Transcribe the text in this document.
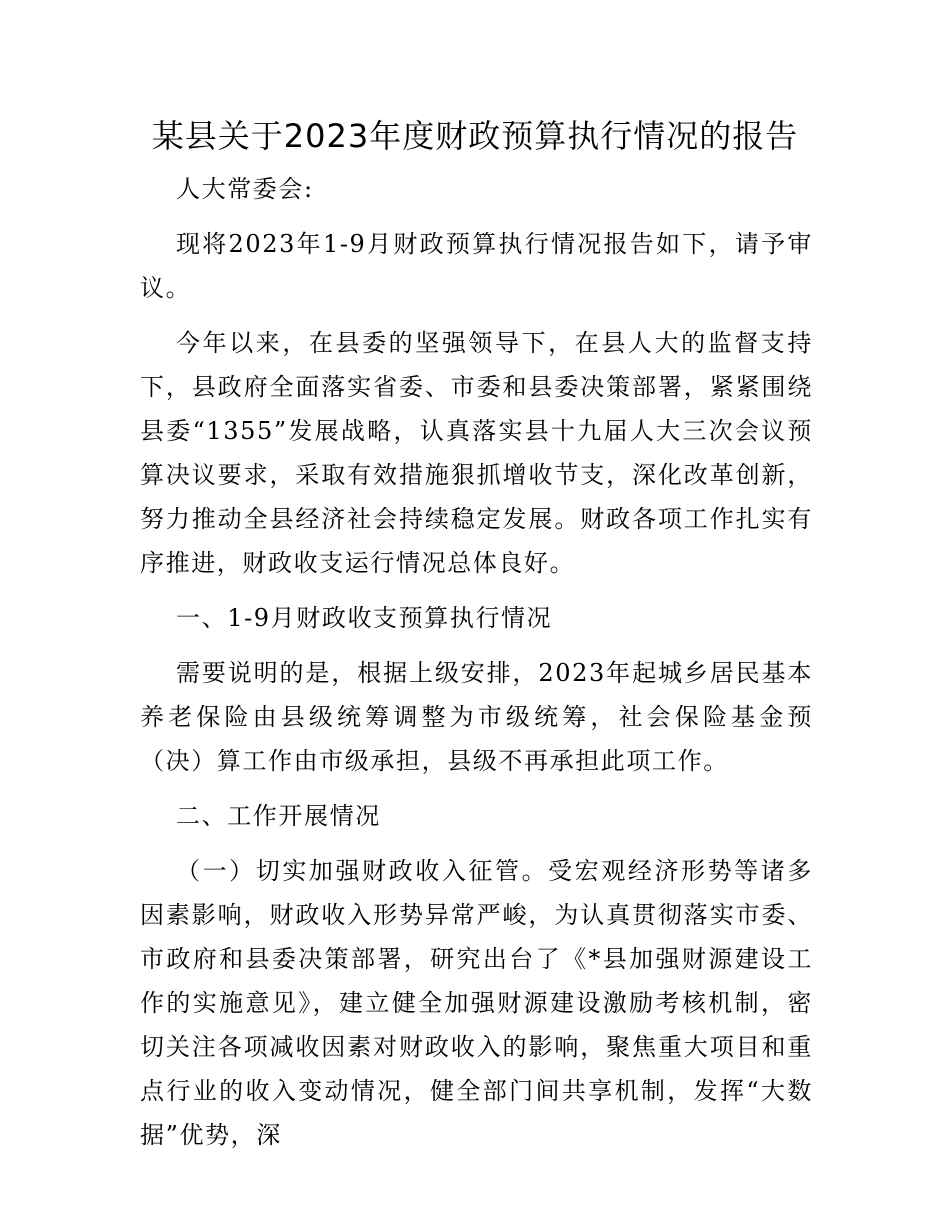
某县关于2023年度财政预算执行情况的报告

人大常委会:

现将2023年1-9月财政预算执行情况报告如下，请予审议。

今年以来，在县委的坚强领导下，在县人大的监督支持下，县政府全面落实省委、市委和县委决策部署，紧紧围绕县委“1355”发展战略，认真落实县十九届人大三次会议预算决议要求，采取有效措施狠抓增收节支，深化改革创新，努力推动全县经济社会持续稳定发展。财政各项工作扎实有序推进，财政收支运行情况总体良好。

一、1-9月财政收支预算执行情况

需要说明的是，根据上级安排，2023年起城乡居民基本养老保险由县级统筹调整为市级统筹，社会保险基金预（决）算工作由市级承担，县级不再承担此项工作。

二、工作开展情况

（一）切实加强财政收入征管。受宏观经济形势等诸多因素影响，财政收入形势异常严峻，为认真贯彻落实市委、市政府和县委决策部署，研究出台了《*县加强财源建设工作的实施意见》，建立健全加强财源建设激励考核机制，密切关注各项减收因素对财政收入的影响，聚焦重大项目和重点行业的收入变动情况，健全部门间共享机制，发挥“大数据”优势，深
